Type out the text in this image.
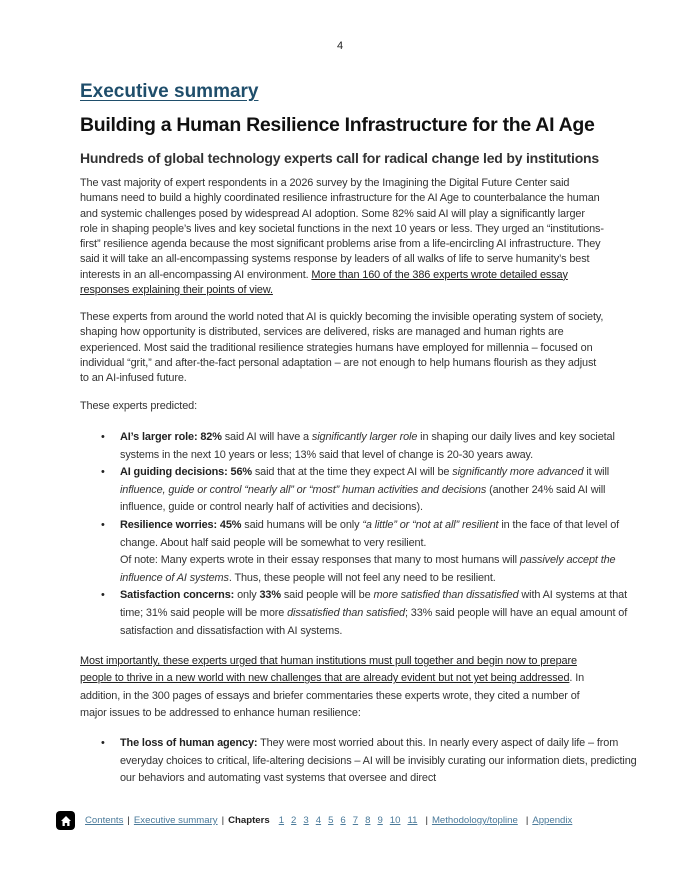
4
Executive summary
Building a Human Resilience Infrastructure for the AI Age
Hundreds of global technology experts call for radical change led by institutions

The vast majority of expert respondents in a 2026 survey by the Imagining the Digital Future Center said humans need to build a highly coordinated resilience infrastructure for the AI Age to counterbalance the human and systemic challenges posed by widespread AI adoption. Some 82% said AI will play a significantly larger role in shaping people’s lives and key societal functions in the next 10 years or less. They urged an “institutions-first” resilience agenda because the most significant problems arise from a life-encircling AI infrastructure. They said it will take an all-encompassing systems response by leaders of all walks of life to serve humanity’s best interests in an all-encompassing AI environment. More than 160 of the 386 experts wrote detailed essay responses explaining their points of view.

These experts from around the world noted that AI is quickly becoming the invisible operating system of society, shaping how opportunity is distributed, services are delivered, risks are managed and human rights are experienced. Most said the traditional resilience strategies humans have employed for millennia – focused on individual “grit,” and after-the-fact personal adaptation – are not enough to help humans flourish as they adjust to an AI-infused future.

These experts predicted:

• AI’s larger role: 82% said AI will have a significantly larger role in shaping our daily lives and key societal systems in the next 10 years or less; 13% said that level of change is 20-30 years away.
• AI guiding decisions: 56% said that at the time they expect AI will be significantly more advanced it will influence, guide or control “nearly all” or “most” human activities and decisions (another 24% said AI will influence, guide or control nearly half of activities and decisions).
• Resilience worries: 45% said humans will be only “a little” or “not at all” resilient in the face of that level of change. About half said people will be somewhat to very resilient.
Of note: Many experts wrote in their essay responses that many to most humans will passively accept the influence of AI systems. Thus, these people will not feel any need to be resilient.
• Satisfaction concerns: only 33% said people will be more satisfied than dissatisfied with AI systems at that time; 31% said people will be more dissatisfied than satisfied; 33% said people will have an equal amount of satisfaction and dissatisfaction with AI systems.

Most importantly, these experts urged that human institutions must pull together and begin now to prepare people to thrive in a new world with new challenges that are already evident but not yet being addressed. In addition, in the 300 pages of essays and briefer commentaries these experts wrote, they cited a number of major issues to be addressed to enhance human resilience:

• The loss of human agency: They were most worried about this. In nearly every aspect of daily life – from everyday choices to critical, life-altering decisions – AI will be invisibly curating our information diets, predicting our behaviors and automating vast systems that oversee and direct
Contents | Executive summary | Chapters 1 2 3 4 5 6 7 8 9 10 11 | Methodology/topline | Appendix
